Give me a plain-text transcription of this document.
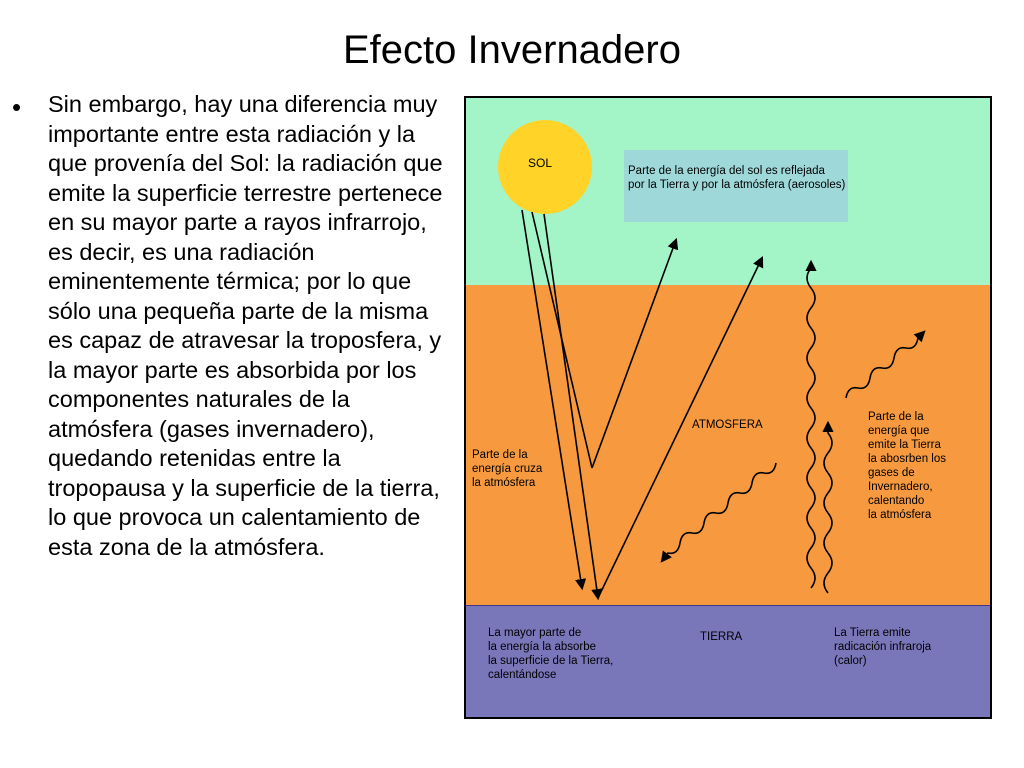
Efecto Invernadero
• Sin embargo, hay una diferencia muy importante entre esta radiación y la que provenía del Sol: la radiación que emite la superficie terrestre pertenece en su mayor parte a rayos infrarrojo, es decir, es una radiación eminentemente térmica; por lo que sólo una pequeña parte de la misma es capaz de atravesar la troposfera, y la mayor parte es absorbida por los componentes naturales de la atmósfera (gases invernadero), quedando retenidas entre la tropopausa y la superficie de la tierra, lo que provoca un calentamiento de esta zona de la atmósfera.
SOL
Parte de la energía del sol es reflejada
por la Tierra y por la atmósfera (aerosoles)
ATMOSFERA
Parte de la
energía cruza
la atmósfera
Parte de la
energía que
emite la Tierra
la abosrben los
gases de
Invernadero,
calentando
la atmósfera
La mayor parte de
la energía la absorbe
la superficie de la Tierra,
calentándose
TIERRA	La Tierra emite
radicación infraroja
(calor)
